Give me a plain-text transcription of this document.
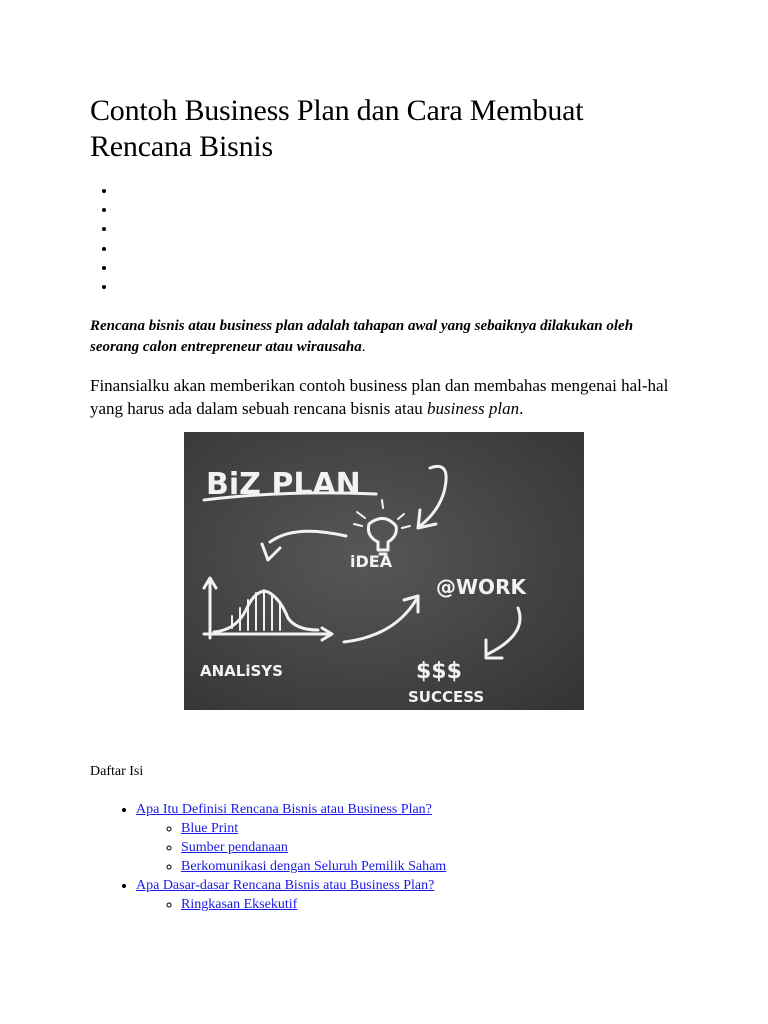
Contoh Business Plan dan Cara Membuat Rencana Bisnis

Rencana bisnis atau business plan adalah tahapan awal yang sebaiknya dilakukan oleh seorang calon entrepreneur atau wirausaha.

Finansialku akan memberikan contoh business plan dan membahas mengenai hal-hal yang harus ada dalam sebuah rencana bisnis atau business plan.

BiZ PLAN
iDEA
@WORK
ANALiSYS	$$$
SUCCESS

Daftar Isi

• Apa Itu Definisi Rencana Bisnis atau Business Plan?
◦ Blue Print
◦ Sumber pendanaan
◦ Berkomunikasi dengan Seluruh Pemilik Saham
• Apa Dasar-dasar Rencana Bisnis atau Business Plan?
◦ Ringkasan Eksekutif
